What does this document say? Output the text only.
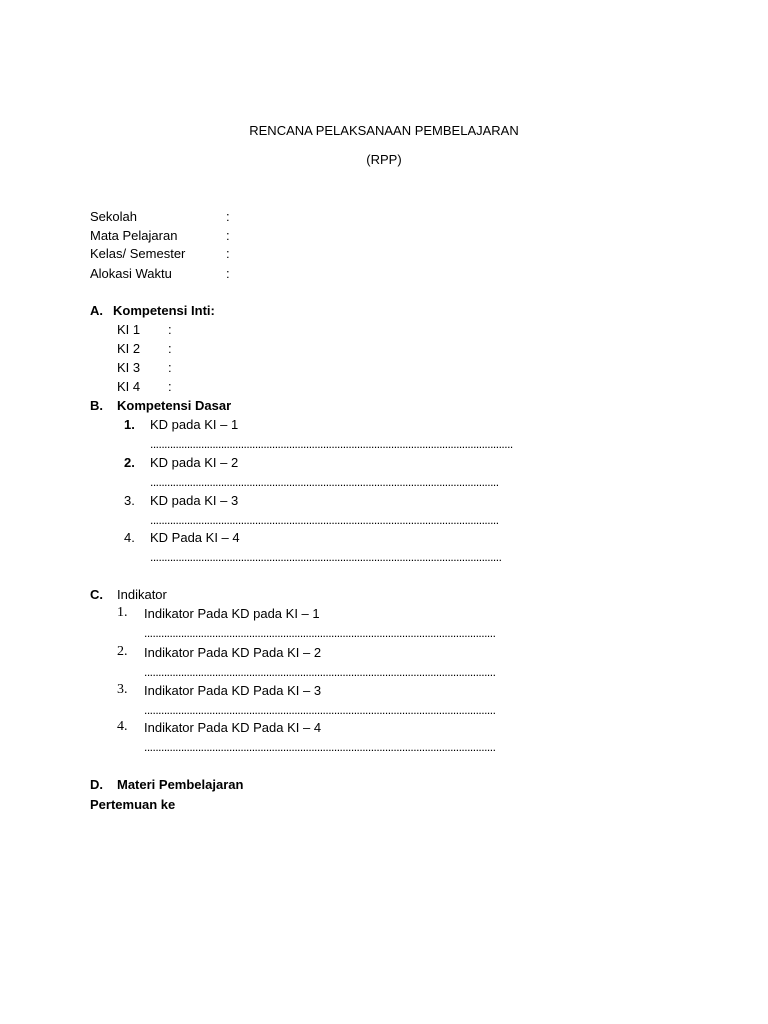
RENCANA PELAKSANAAN PEMBELAJARAN
(RPP)
Sekolah	:
Mata Pelajaran	:
Kelas/ Semester	:
Alokasi Waktu	:
A. Kompetensi Inti:
KI 1 :
KI 2 :
KI 3 :
KI 4 :
B. Kompetensi Dasar
1. KD pada KI – 1
................................................................................................................................
2. KD pada KI – 2
...........................................................................................................................
3. KD pada KI – 3
...........................................................................................................................
4. KD Pada KI – 4
............................................................................................................................
C. Indikator
1. Indikator Pada KD pada KI – 1
............................................................................................................................
2. Indikator Pada KD Pada KI – 2
............................................................................................................................
3. Indikator Pada KD Pada KI – 3
............................................................................................................................
4. Indikator Pada KD Pada KI – 4
............................................................................................................................
D. Materi Pembelajaran
Pertemuan ke
